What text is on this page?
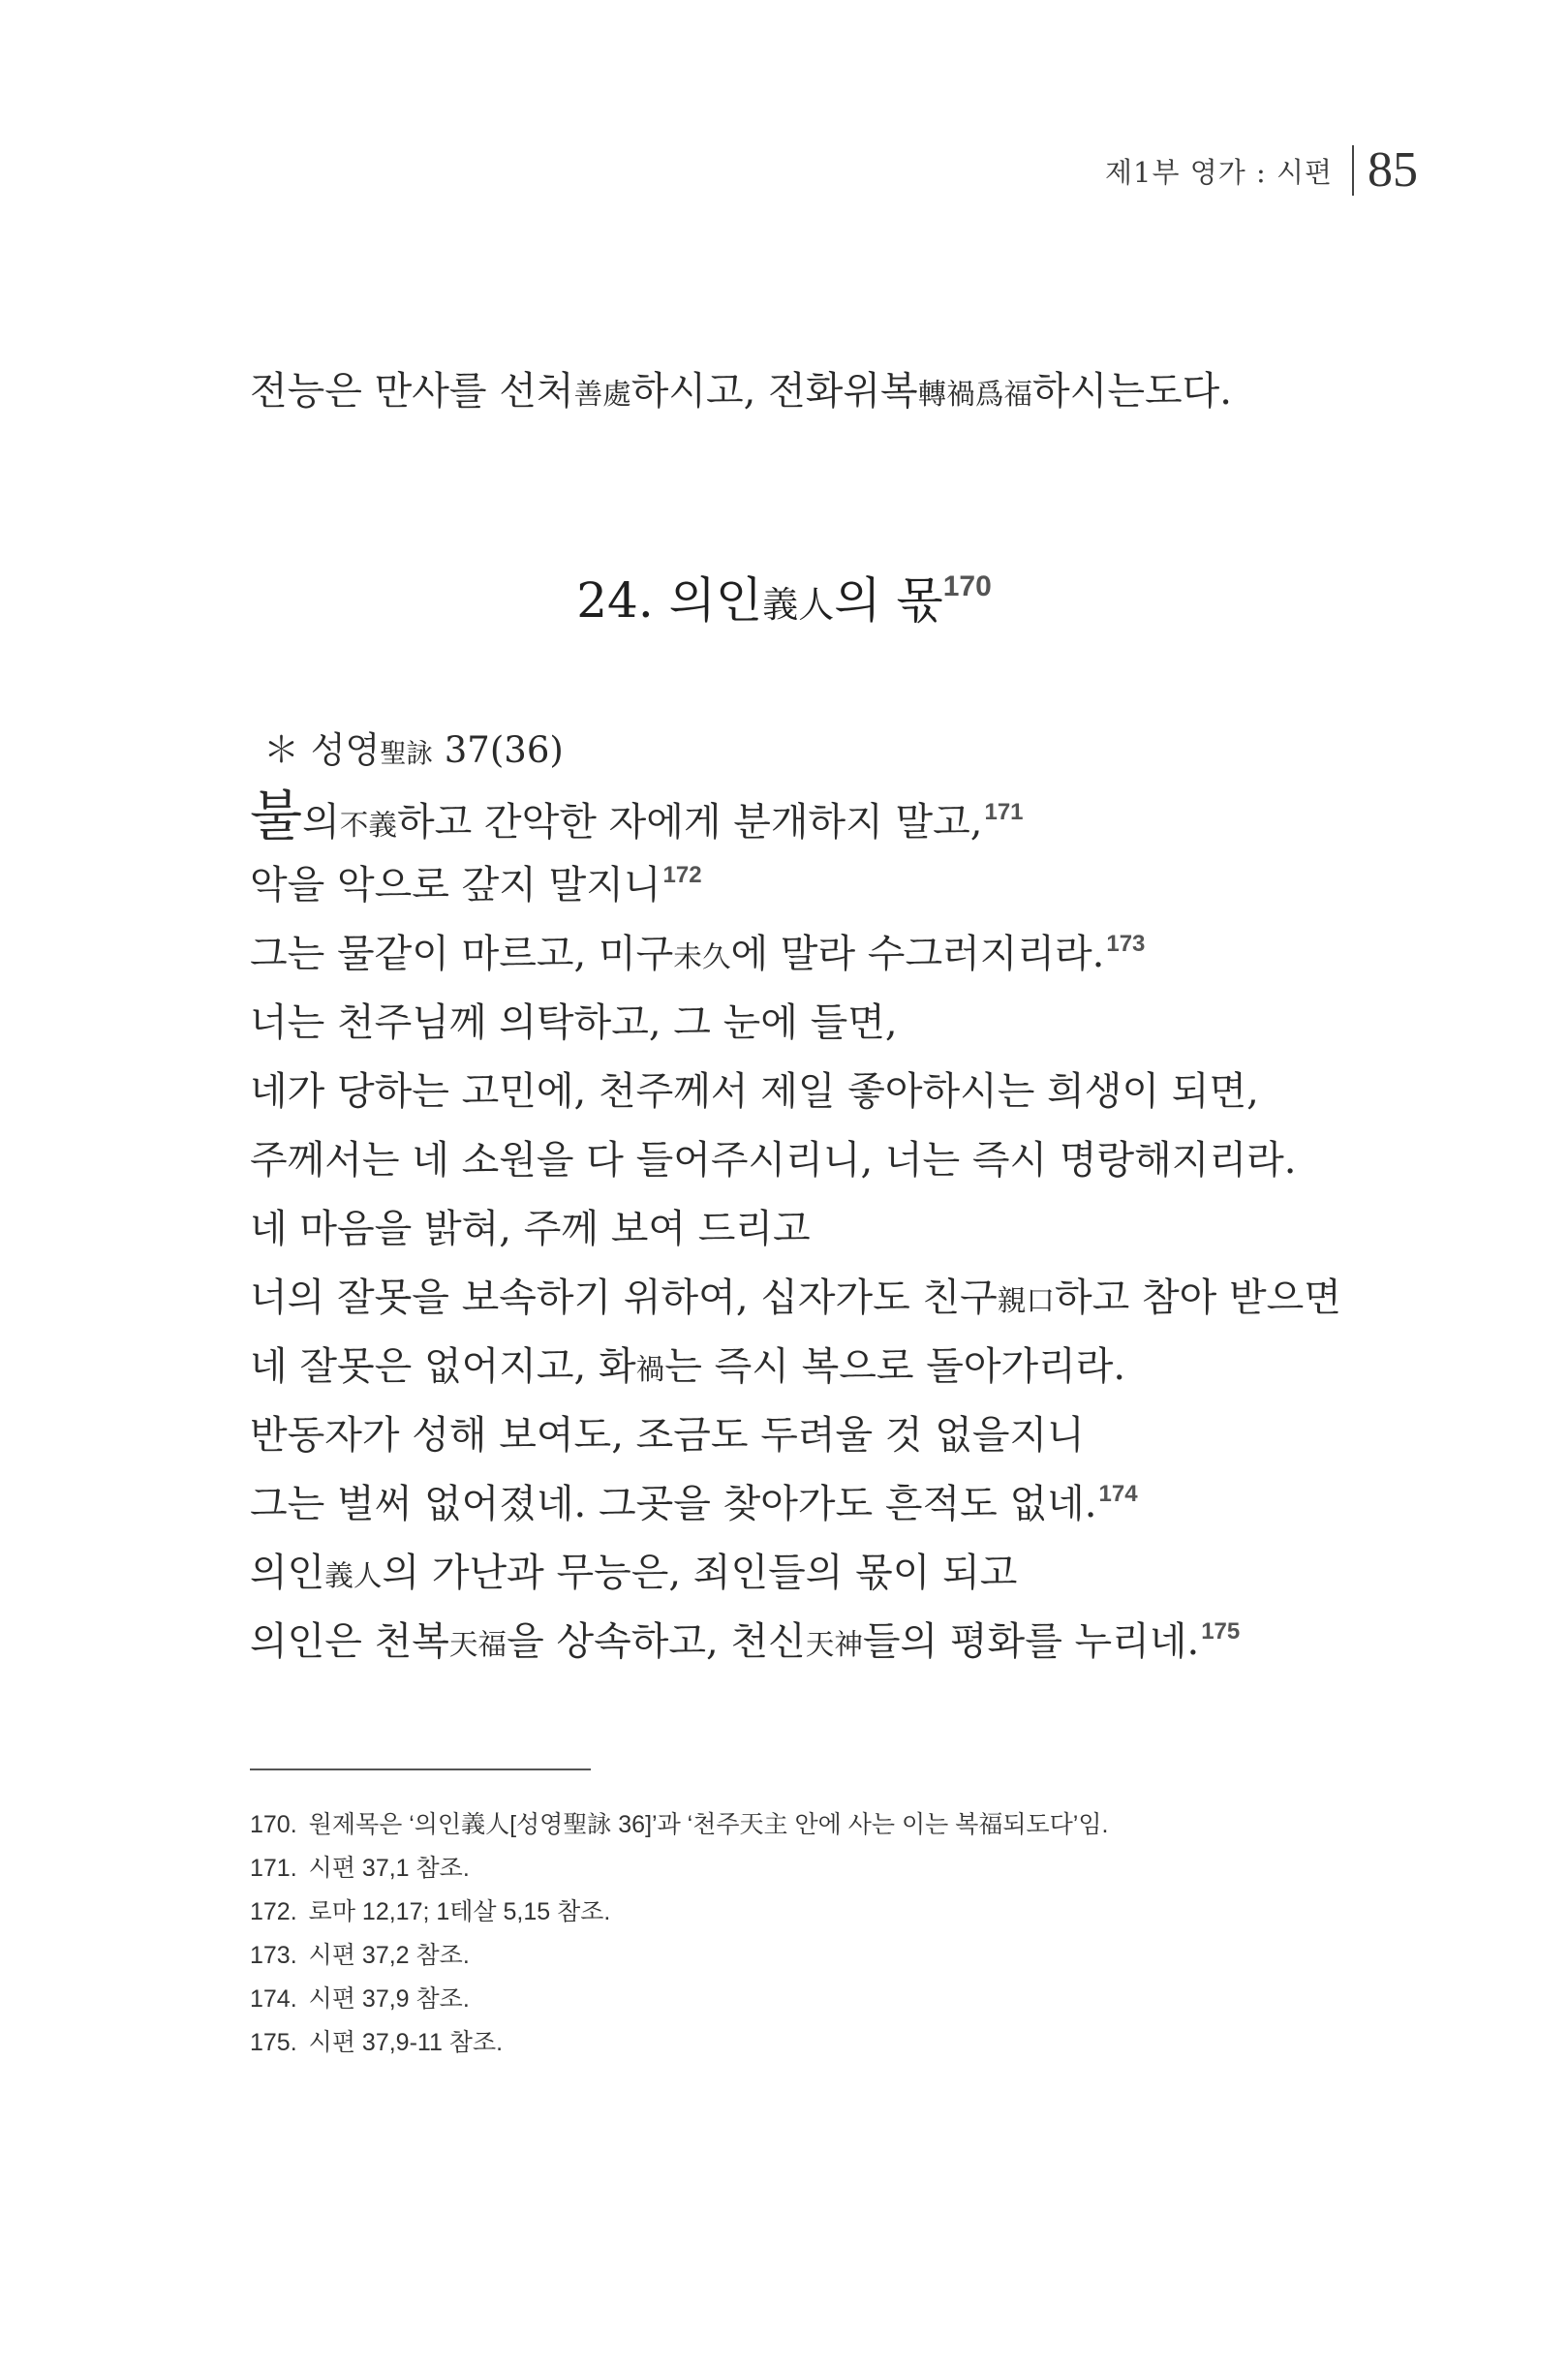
제1부 영가 : 시편 85
전능은 만사를 선처善處하시고, 전화위복轉禍爲福하시는도다.
24. 의인義人의 몫$^{170}$
＊ 성영聖詠 37(36)
불의不義하고 간악한 자에게 분개하지 말고,$^{171}$
악을 악으로 갚지 말지니$^{172}$
그는 물같이 마르고, 미구未久에 말라 수그러지리라.$^{173}$
너는 천주님께 의탁하고, 그 눈에 들면,
네가 당하는 고민에, 천주께서 제일 좋아하시는 희생이 되면,
주께서는 네 소원을 다 들어주시리니, 너는 즉시 명랑해지리라.
네 마음을 밝혀, 주께 보여 드리고
너의 잘못을 보속하기 위하여, 십자가도 친구親口하고 참아 받으면
네 잘못은 없어지고, 화禍는 즉시 복으로 돌아가리라.
반동자가 성해 보여도, 조금도 두려울 것 없을지니
그는 벌써 없어졌네. 그곳을 찾아가도 흔적도 없네.$^{174}$
의인義人의 가난과 무능은, 죄인들의 몫이 되고
의인은 천복天福을 상속하고, 천신天神들의 평화를 누리네.$^{175}$
170. 원제목은 ‘의인義人[성영聖詠 36]’과 ‘천주天主 안에 사는 이는 복福되도다’임.
171. 시편 37,1 참조.
172. 로마 12,17; 1테살 5,15 참조.
173. 시편 37,2 참조.
174. 시편 37,9 참조.
175. 시편 37,9-11 참조.
